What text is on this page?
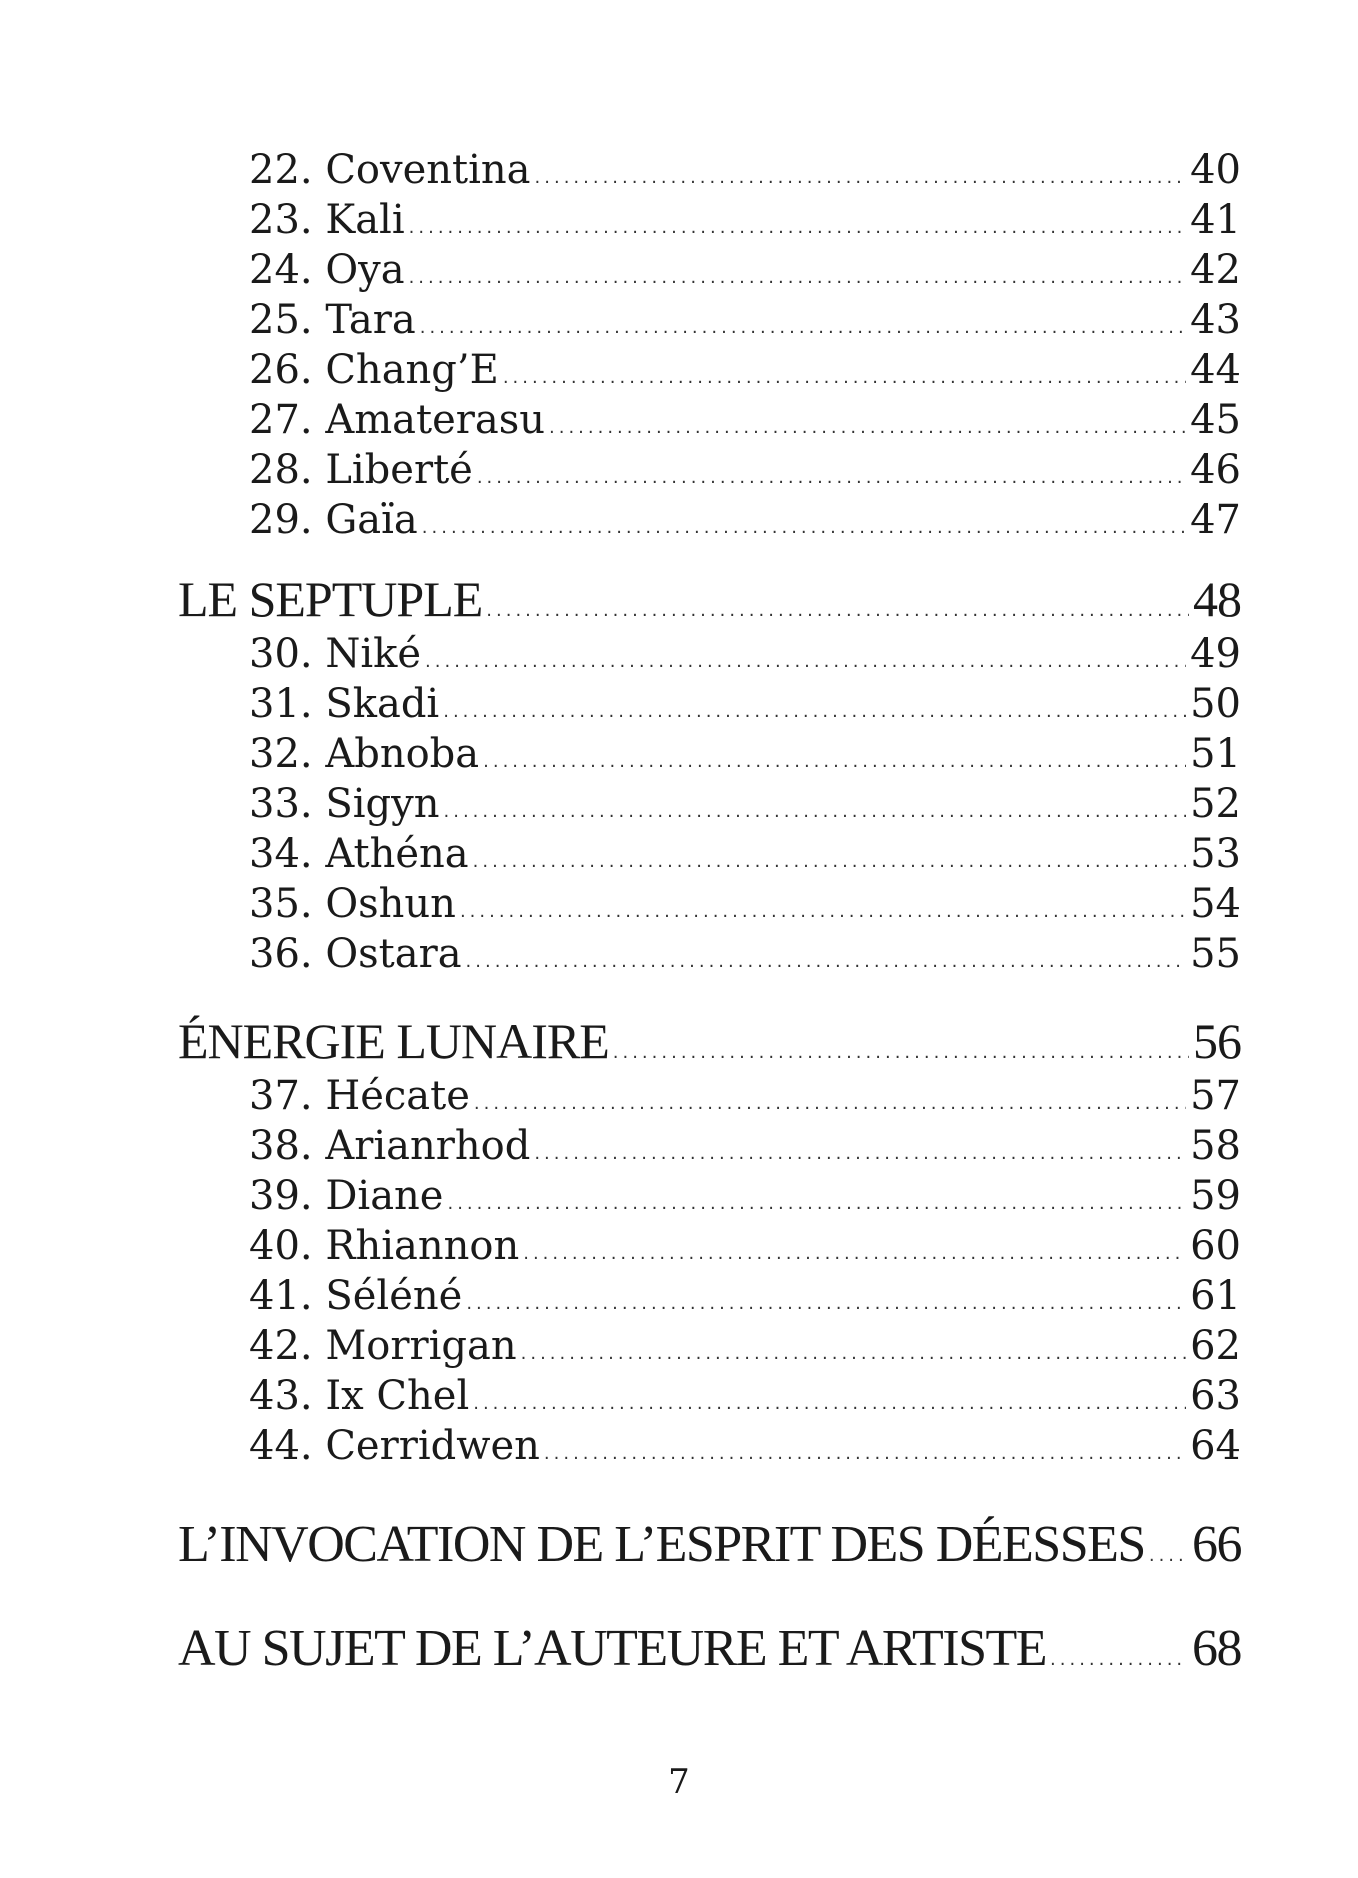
22. Coventina .....	40
23. Kali .....	41
24. Oya .....	42
25. Tara .....	43
26. Chang’E .....	44
27. Amaterasu .....	45
28. Liberté .....	46
29. Gaïa .....	47
LE SEPTUPLE .....	48
30. Niké .....	49
31. Skadi .....	50
32. Abnoba .....	51
33. Sigyn .....	52
34. Athéna .....	53
35. Oshun .....	54
36. Ostara .....	55
ÉNERGIE LUNAIRE .....	56
37. Hécate .....	57
38. Arianrhod .....	58
39. Diane .....	59
40. Rhiannon .....	60
41. Séléné .....	61
42. Morrigan .....	62
43. Ix Chel .....	63
44. Cerridwen .....	64
L’INVOCATION DE L’ESPRIT DES DÉESSES ..... 66
AU SUJET DE L’AUTEURE ET ARTISTE .....	68
7
